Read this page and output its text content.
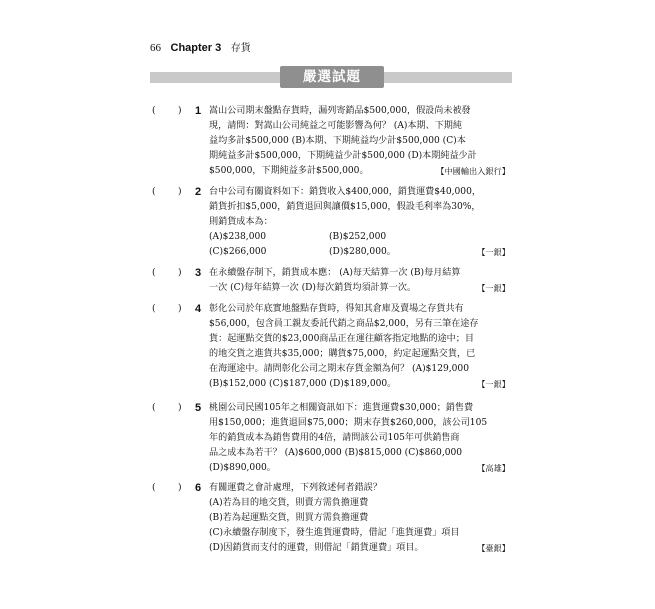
66 Chapter 3 存貨
嚴選試題
( ) 1 嵩山公司期末盤點存貨時，漏列寄銷品$500,000，假設尚未被發
現，請問：對嵩山公司純益之可能影響為何？ (A)本期、下期純
益均多計$500,000 (B)本期、下期純益均少計$500,000 (C)本
期純益多計$500,000，下期純益少計$500,000 (D)本期純益少計
$500,000，下期純益多計$500,000。	【中國輸出入銀行】
( ) 2 台中公司有關資料如下：銷貨收入$400,000，銷貨運費$40,000，
銷貨折扣$5,000，銷貨退回與讓價$15,000，假設毛利率為30%，
則銷貨成本為：
(A)$238,000	(B)$252,000
(C)$266,000	(D)$280,000。	【一銀】
( ) 3 在永續盤存制下，銷貨成本應： (A)每天結算一次 (B)每月結算
一次 (C)每年結算一次 (D)每次銷貨均須計算一次。	【一銀】
( ) 4 彰化公司於年底實地盤點存貨時，得知其倉庫及賣場之存貨共有
$56,000，包含員工親友委託代銷之商品$2,000，另有三筆在途存
貨：起運點交貨的$23,000商品正在運往顧客指定地點的途中；目
的地交貨之進貨共$35,000；購貨$75,000，約定起運點交貨，已
在海運途中。請問彰化公司之期末存貨金額為何？ (A)$129,000
(B)$152,000 (C)$187,000 (D)$189,000。	【一銀】
( ) 5 桃園公司民國105年之相關資訊如下：進貨運費$30,000；銷售費
用$150,000；進貨退回$75,000；期末存貨$260,000，該公司105
年的銷貨成本為銷售費用的4倍，請問該公司105年可供銷售商
品之成本為若干？ (A)$600,000 (B)$815,000 (C)$860,000
(D)$890,000。	【高雄】
( ) 6 有關運費之會計處理，下列敘述何者錯誤？
(A)若為目的地交貨，則賣方需負擔運費
(B)若為起運點交貨，則買方需負擔運費
(C)永續盤存制度下，發生進貨運費時，借記「進貨運費」項目
(D)因銷貨而支付的運費，則借記「銷貨運費」項目。	【臺銀】
